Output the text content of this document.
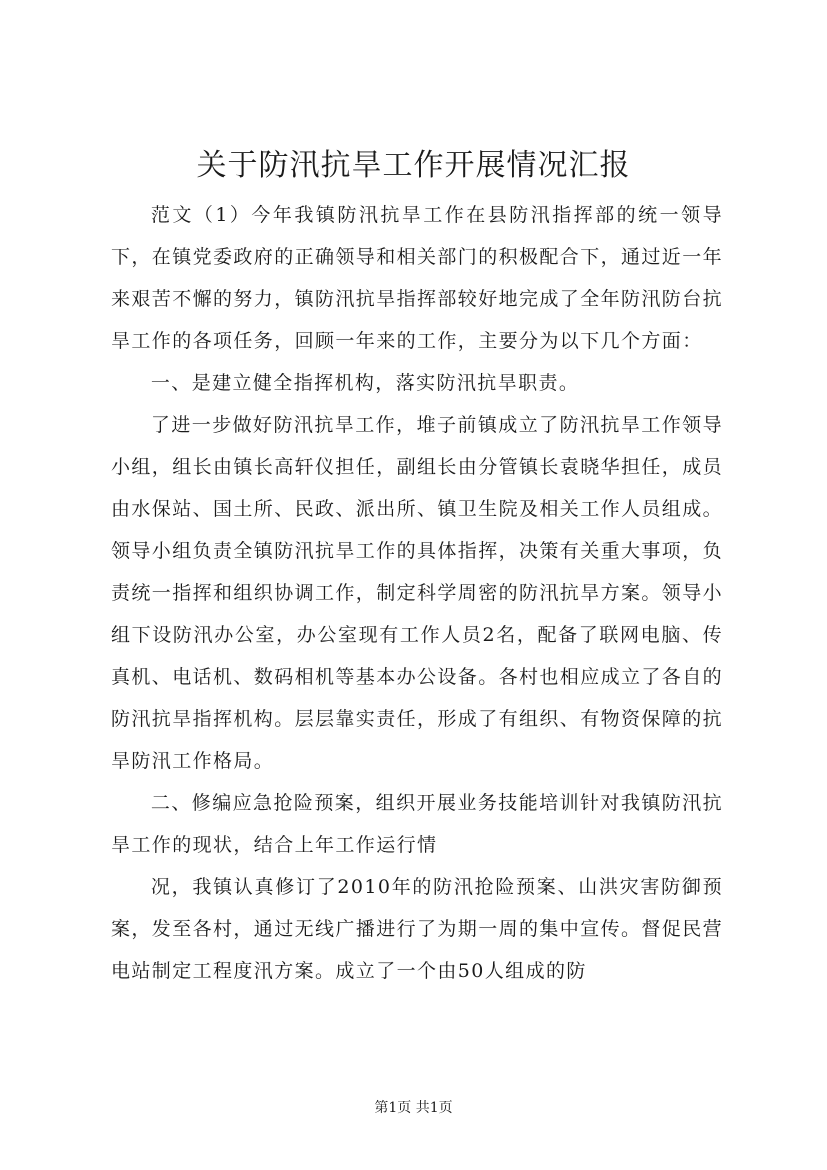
关于防汛抗旱工作开展情况汇报

范文（1）今年我镇防汛抗旱工作在县防汛指挥部的统一领导下，在镇党委政府的正确领导和相关部门的积极配合下，通过近一年来艰苦不懈的努力，镇防汛抗旱指挥部较好地完成了全年防汛防台抗旱工作的各项任务，回顾一年来的工作，主要分为以下几个方面：

一、是建立健全指挥机构，落实防汛抗旱职责。

了进一步做好防汛抗旱工作，堆子前镇成立了防汛抗旱工作领导小组，组长由镇长高轩仪担任，副组长由分管镇长袁晓华担任，成员由水保站、国土所、民政、派出所、镇卫生院及相关工作人员组成。领导小组负责全镇防汛抗旱工作的具体指挥，决策有关重大事项，负责统一指挥和组织协调工作，制定科学周密的防汛抗旱方案。领导小组下设防汛办公室，办公室现有工作人员2名，配备了联网电脑、传真机、电话机、数码相机等基本办公设备。各村也相应成立了各自的防汛抗旱指挥机构。层层靠实责任，形成了有组织、有物资保障的抗旱防汛工作格局。

二、修编应急抢险预案，组织开展业务技能培训针对我镇防汛抗旱工作的现状，结合上年工作运行情

况，我镇认真修订了2010年的防汛抢险预案、山洪灾害防御预案，发至各村，通过无线广播进行了为期一周的集中宣传。督促民营电站制定工程度汛方案。成立了一个由50人组成的防

第1页 共1页
